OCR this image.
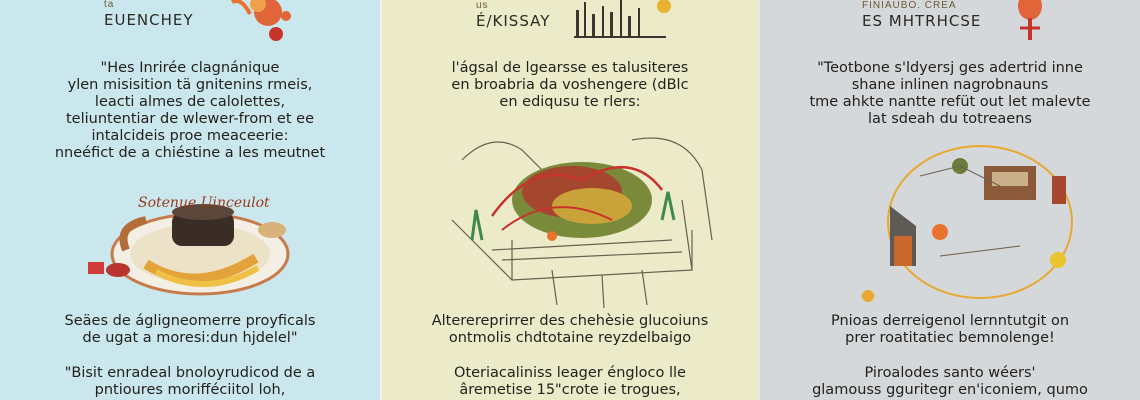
ta
EUENCHEY
"Hes Inrirée clagnánique
ylen misisition tä gnitenins rmeis,
leacti almes de calolettes,
teliuntentiar de wlewer-from et ee
intalcideis proe meaceerie:
nneéfict de a chiéstine a les meutnet
Sotenue Uinceulot
Seäes de ágligneomerre proyficals
de ugat a moresi:dun hjdelel"
"Bisit enradeal bnoloyrudicod de a
pntioures morifféciitol loh,
us
É/KISSAY
l'ágsal de lgearsse es talusiteres
en broabria da voshengere (dBlc
en ediqusu te rlers:
Alterereprirrer des chehèsie glucoiuns
ontmolis chdtotaine reyzdelbaigo
Oteriacaliniss leager éngloco lle
âremetise 15"crote ie trogues,
FINIAUBO. CREA
ES MHTRHCSE
"Teotbone s'ldyersj ges adertrid inne
shane inlinen nagrobnauns
tme ahkte nantte refüt out let malevte
lat sdeah du totreaens
Pnioas derreigenol lernntutgit on
prer roatitatiec bemnolenge!
Piroalodes santo wéers'
glamouss gguritegr en'iconiem, qumo
